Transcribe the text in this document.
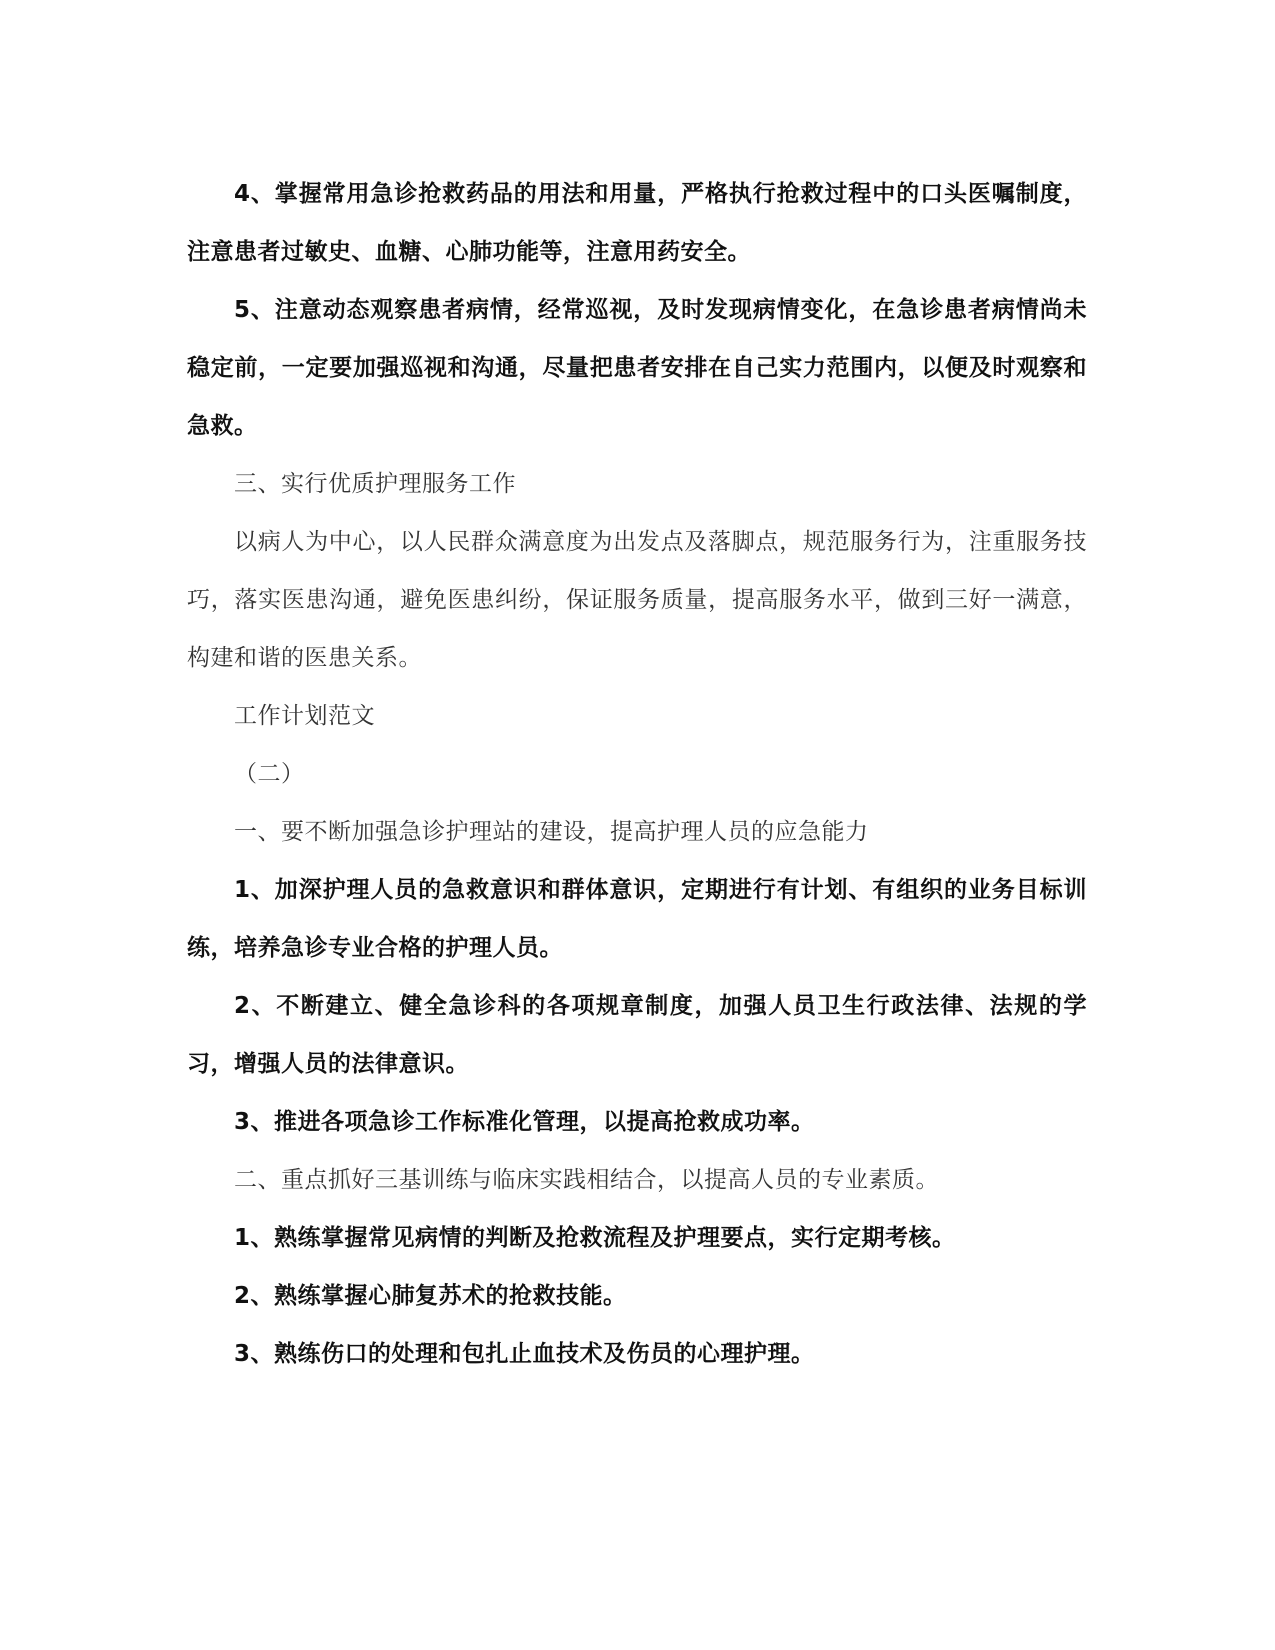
4、掌握常用急诊抢救药品的用法和用量，严格执行抢救过程中的口头医嘱制度，注意患者过敏史、血糖、心肺功能等，注意用药安全。

5、注意动态观察患者病情，经常巡视，及时发现病情变化，在急诊患者病情尚未稳定前，一定要加强巡视和沟通，尽量把患者安排在自己实力范围内，以便及时观察和急救。

三、实行优质护理服务工作

以病人为中心，以人民群众满意度为出发点及落脚点，规范服务行为，注重服务技巧，落实医患沟通，避免医患纠纷，保证服务质量，提高服务水平，做到三好一满意，构建和谐的医患关系。

工作计划范文

（二）

一、要不断加强急诊护理站的建设，提高护理人员的应急能力

1、加深护理人员的急救意识和群体意识，定期进行有计划、有组织的业务目标训练，培养急诊专业合格的护理人员。

2、不断建立、健全急诊科的各项规章制度，加强人员卫生行政法律、法规的学习，增强人员的法律意识。

3、推进各项急诊工作标准化管理，以提高抢救成功率。

二、重点抓好三基训练与临床实践相结合，以提高人员的专业素质。

1、熟练掌握常见病情的判断及抢救流程及护理要点，实行定期考核。

2、熟练掌握心肺复苏术的抢救技能。

3、熟练伤口的处理和包扎止血技术及伤员的心理护理。
